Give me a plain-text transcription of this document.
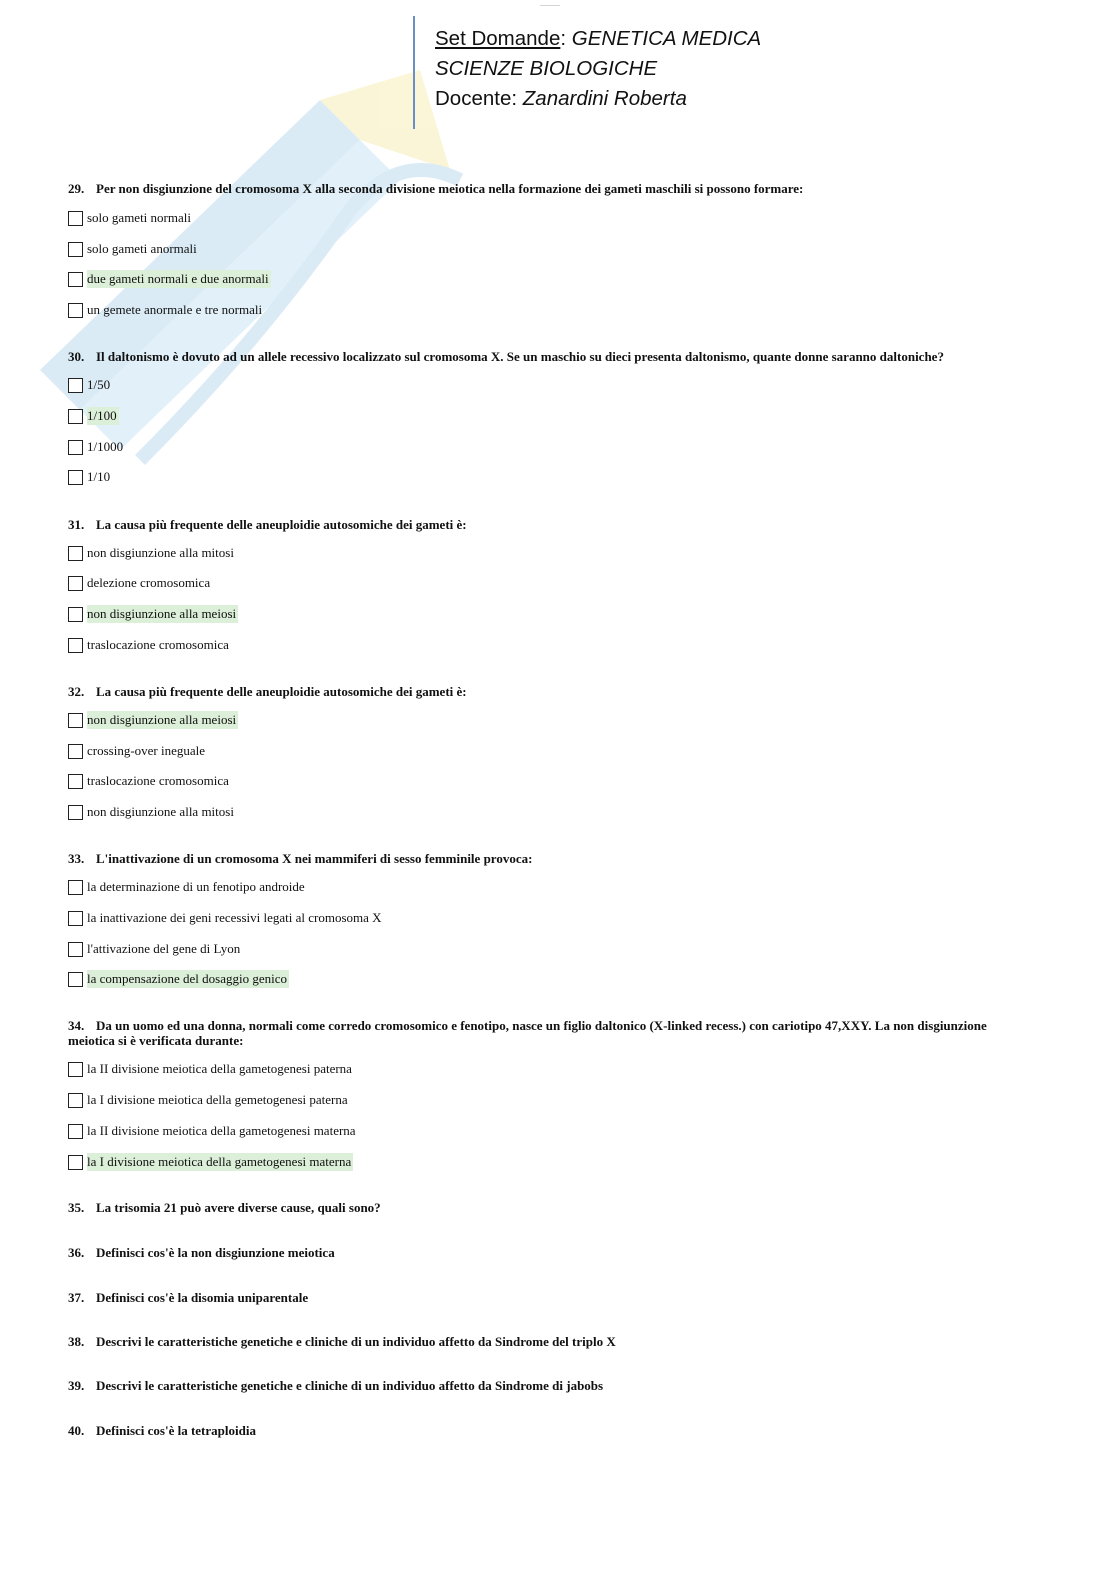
______
Set Domande: GENETICA MEDICA
SCIENZE BIOLOGICHE
Docente: Zanardini Roberta
29. Per non disgiunzione del cromosoma X alla seconda divisione meiotica nella formazione dei gameti maschili si possono formare:
solo gameti normali
solo gameti anormali
due gameti normali e due anormali
un gemete anormale e tre normali
30. Il daltonismo è dovuto ad un allele recessivo localizzato sul cromosoma X. Se un maschio su dieci presenta daltonismo, quante donne saranno daltoniche?
1/50
1/100
1/1000
1/10
31. La causa più frequente delle aneuploidie autosomiche dei gameti è:
non disgiunzione alla mitosi
delezione cromosomica
non disgiunzione alla meiosi
traslocazione cromosomica
32. La causa più frequente delle aneuploidie autosomiche dei gameti è:
non disgiunzione alla meiosi
crossing-over ineguale
traslocazione cromosomica
non disgiunzione alla mitosi
33. L'inattivazione di un cromosoma X nei mammiferi di sesso femminile provoca:
la determinazione di un fenotipo androide
la inattivazione dei geni recessivi legati al cromosoma X
l'attivazione del gene di Lyon
la compensazione del dosaggio genico
34. Da un uomo ed una donna, normali come corredo cromosomico e fenotipo, nasce un figlio daltonico (X-linked recess.) con cariotipo 47,XXY. La non disgiunzione meiotica si è verificata durante:
la II divisione meiotica della gametogenesi paterna
la I divisione meiotica della gemetogenesi paterna
la II divisione meiotica della gametogenesi materna
la I divisione meiotica della gametogenesi materna
35. La trisomia 21 può avere diverse cause, quali sono?
36. Definisci cos'è la non disgiunzione meiotica
37. Definisci cos'è la disomia uniparentale
38. Descrivi le caratteristiche genetiche e cliniche di un individuo affetto da Sindrome del triplo X
39. Descrivi le caratteristiche genetiche e cliniche di un individuo affetto da Sindrome di jabobs
40. Definisci cos'è la tetraploidia
